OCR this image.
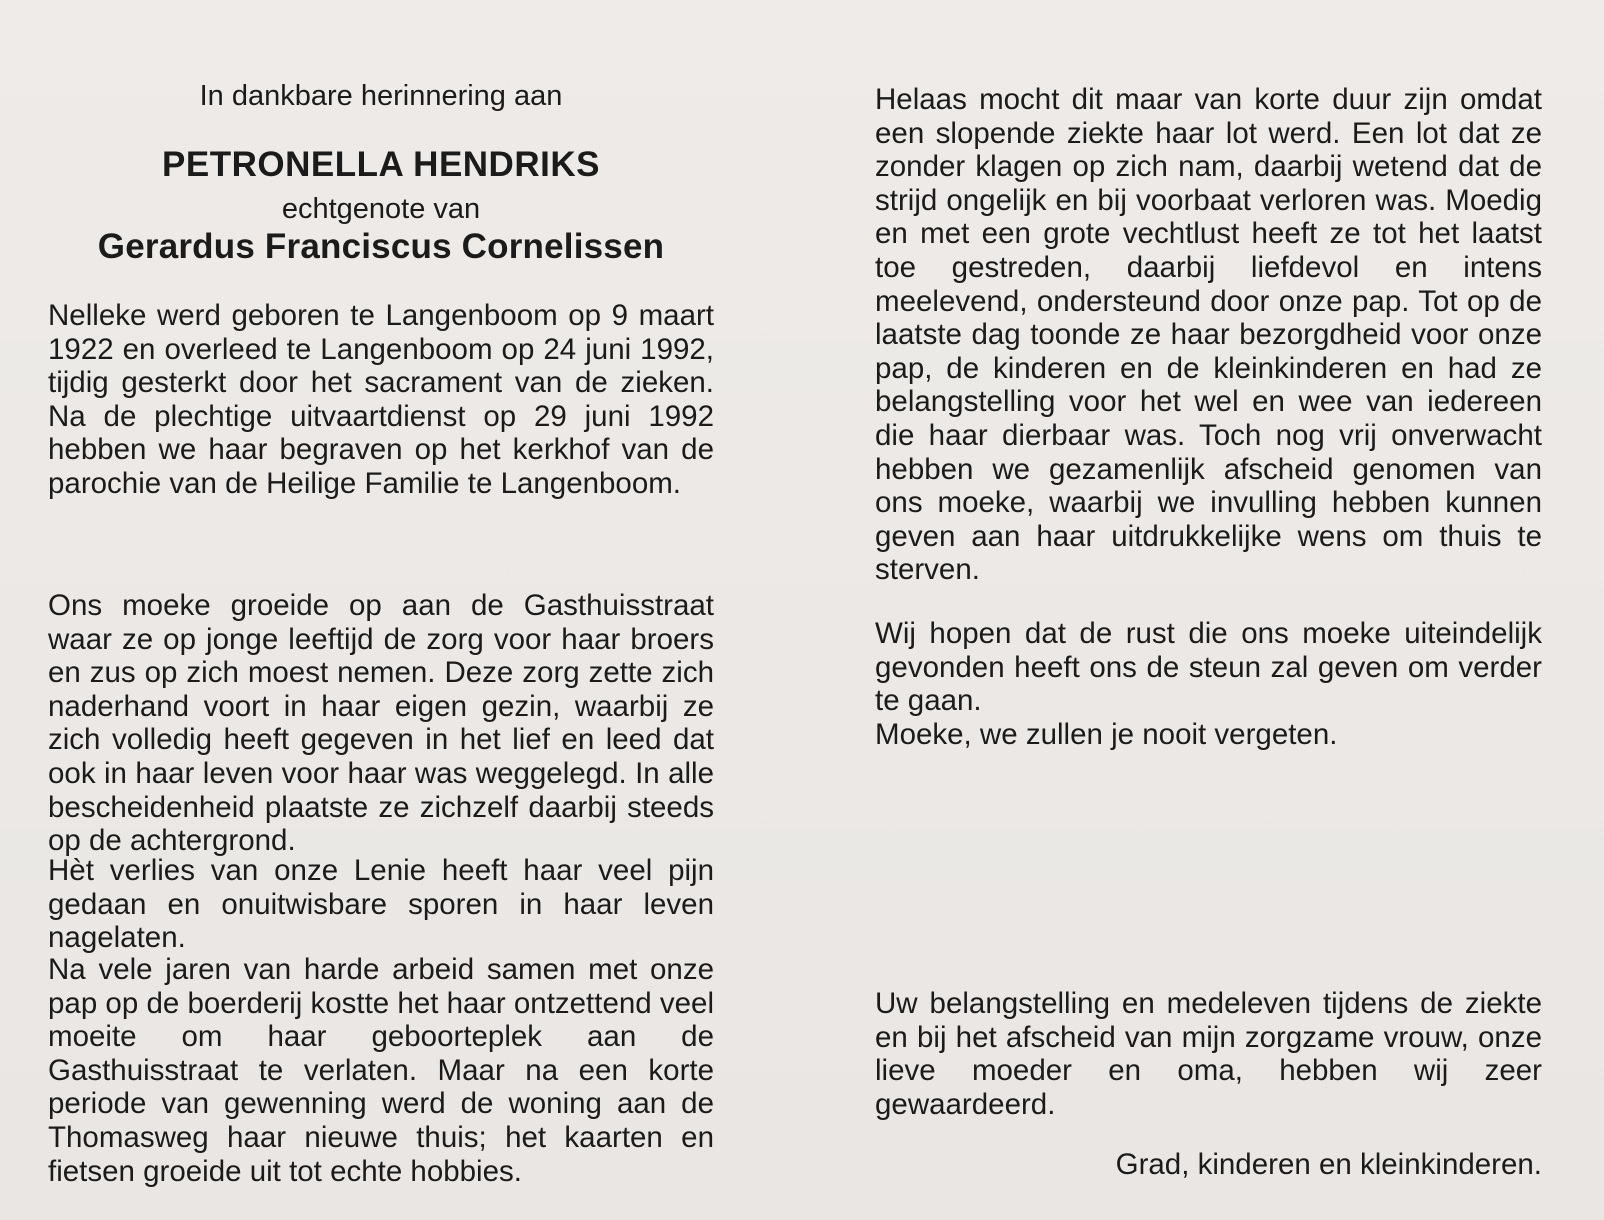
In dankbare herinnering aan
PETRONELLA HENDRIKS
echtgenote van
Gerardus Franciscus Cornelissen

Nelleke werd geboren te Langenboom op 9 maart 1922 en overleed te Langenboom op 24 juni 1992, tijdig gesterkt door het sacrament van de zieken. Na de plechtige uitvaartdienst op 29 juni 1992 hebben we haar begraven op het kerkhof van de parochie van de Heilige Familie te Langenboom.

Ons moeke groeide op aan de Gasthuisstraat waar ze op jonge leeftijd de zorg voor haar broers en zus op zich moest nemen. Deze zorg zette zich naderhand voort in haar eigen gezin, waarbij ze zich volledig heeft gegeven in het lief en leed dat ook in haar leven voor haar was weggelegd. In alle bescheidenheid plaatste ze zichzelf daarbij steeds op de achtergrond.

Hèt verlies van onze Lenie heeft haar veel pijn gedaan en onuitwisbare sporen in haar leven nagelaten.

Na vele jaren van harde arbeid samen met onze pap op de boerderij kostte het haar ontzettend veel moeite om haar geboorteplek aan de Gasthuisstraat te verlaten. Maar na een korte periode van gewenning werd de woning aan de Thomasweg haar nieuwe thuis; het kaarten en fietsen groeide uit tot echte hobbies.

Helaas mocht dit maar van korte duur zijn omdat een slopende ziekte haar lot werd. Een lot dat ze zonder klagen op zich nam, daarbij wetend dat de strijd ongelijk en bij voorbaat verloren was. Moedig en met een grote vechtlust heeft ze tot het laatst toe gestreden, daarbij liefdevol en intens meelevend, ondersteund door onze pap. Tot op de laatste dag toonde ze haar bezorgdheid voor onze pap, de kinderen en de kleinkinderen en had ze belangstelling voor het wel en wee van iedereen die haar dierbaar was. Toch nog vrij onverwacht hebben we gezamenlijk afscheid genomen van ons moeke, waarbij we invulling hebben kunnen geven aan haar uitdrukkelijke wens om thuis te sterven.

Wij hopen dat de rust die ons moeke uiteindelijk gevonden heeft ons de steun zal geven om verder te gaan.

Moeke, we zullen je nooit vergeten.

Uw belangstelling en medeleven tijdens de ziekte en bij het afscheid van mijn zorgzame vrouw, onze lieve moeder en oma, hebben wij zeer gewaardeerd.

Grad, kinderen en kleinkinderen.
